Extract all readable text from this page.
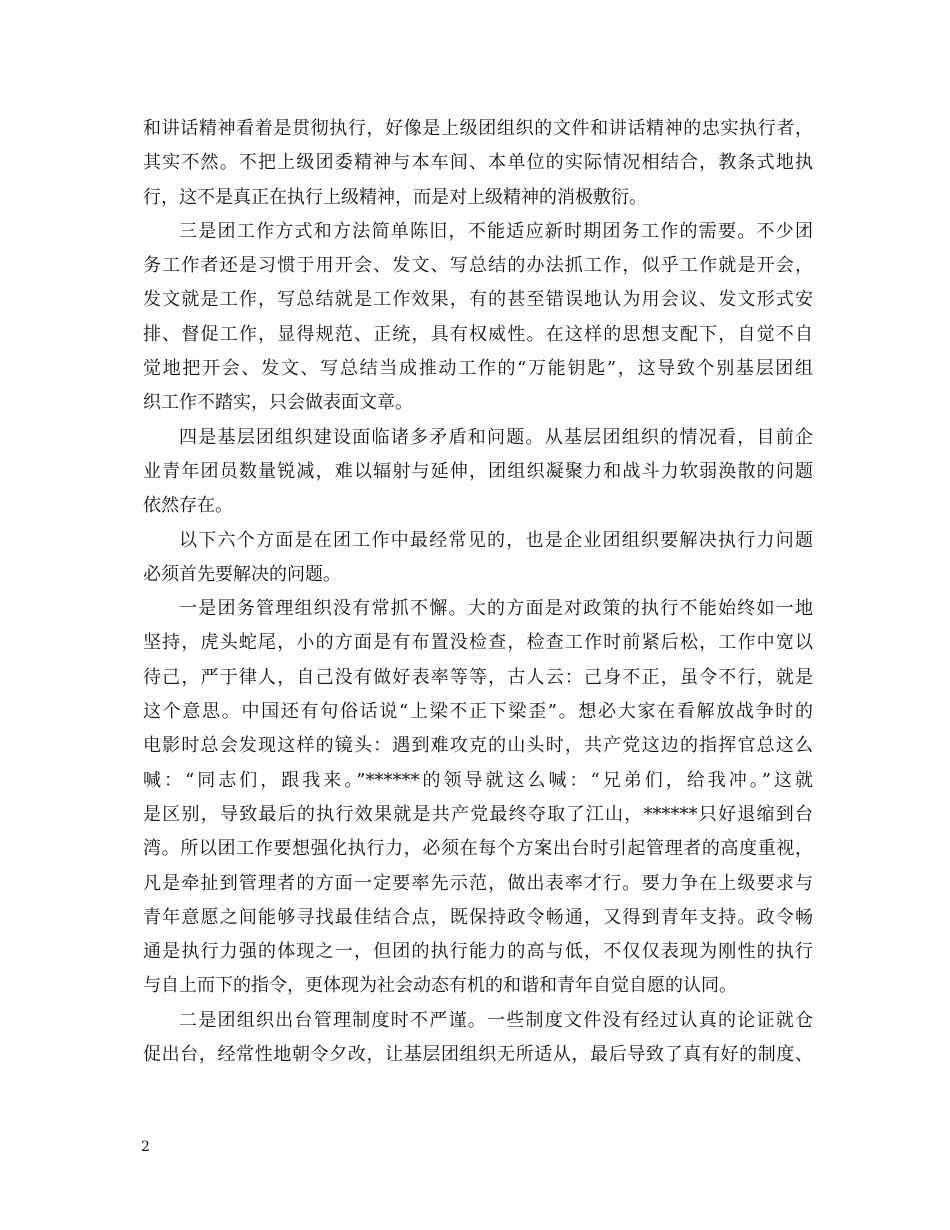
和讲话精神看着是贯彻执行，好像是上级团组织的文件和讲话精神的忠实执行者，
其实不然。不把上级团委精神与本车间、本单位的实际情况相结合，教条式地执
行，这不是真正在执行上级精神，而是对上级精神的消极敷衍。
三是团工作方式和方法简单陈旧，不能适应新时期团务工作的需要。不少团
务工作者还是习惯于用开会、发文、写总结的办法抓工作，似乎工作就是开会，
发文就是工作，写总结就是工作效果，有的甚至错误地认为用会议、发文形式安
排、督促工作，显得规范、正统，具有权威性。在这样的思想支配下，自觉不自
觉地把开会、发文、写总结当成推动工作的“万能钥匙”，这导致个别基层团组
织工作不踏实，只会做表面文章。
四是基层团组织建设面临诸多矛盾和问题。从基层团组织的情况看，目前企
业青年团员数量锐减，难以辐射与延伸，团组织凝聚力和战斗力软弱涣散的问题
依然存在。
以下六个方面是在团工作中最经常见的，也是企业团组织要解决执行力问题
必须首先要解决的问题。
一是团务管理组织没有常抓不懈。大的方面是对政策的执行不能始终如一地
坚持，虎头蛇尾，小的方面是有布置没检查，检查工作时前紧后松，工作中宽以
待己，严于律人，自己没有做好表率等等，古人云：己身不正，虽令不行，就是
这个意思。中国还有句俗话说“上梁不正下梁歪”。想必大家在看解放战争时的
电影时总会发现这样的镜头：遇到难攻克的山头时，共产党这边的指挥官总这么
喊：“同志们，跟我来。”******的领导就这么喊：“兄弟们，给我冲。”这就
是区别，导致最后的执行效果就是共产党最终夺取了江山，******只好退缩到台
湾。所以团工作要想强化执行力，必须在每个方案出台时引起管理者的高度重视，
凡是牵扯到管理者的方面一定要率先示范，做出表率才行。要力争在上级要求与
青年意愿之间能够寻找最佳结合点，既保持政令畅通，又得到青年支持。政令畅
通是执行力强的体现之一，但团的执行能力的高与低，不仅仅表现为刚性的执行
与自上而下的指令，更体现为社会动态有机的和谐和青年自觉自愿的认同。
二是团组织出台管理制度时不严谨。一些制度文件没有经过认真的论证就仓
促出台，经常性地朝令夕改，让基层团组织无所适从，最后导致了真有好的制度、
2
